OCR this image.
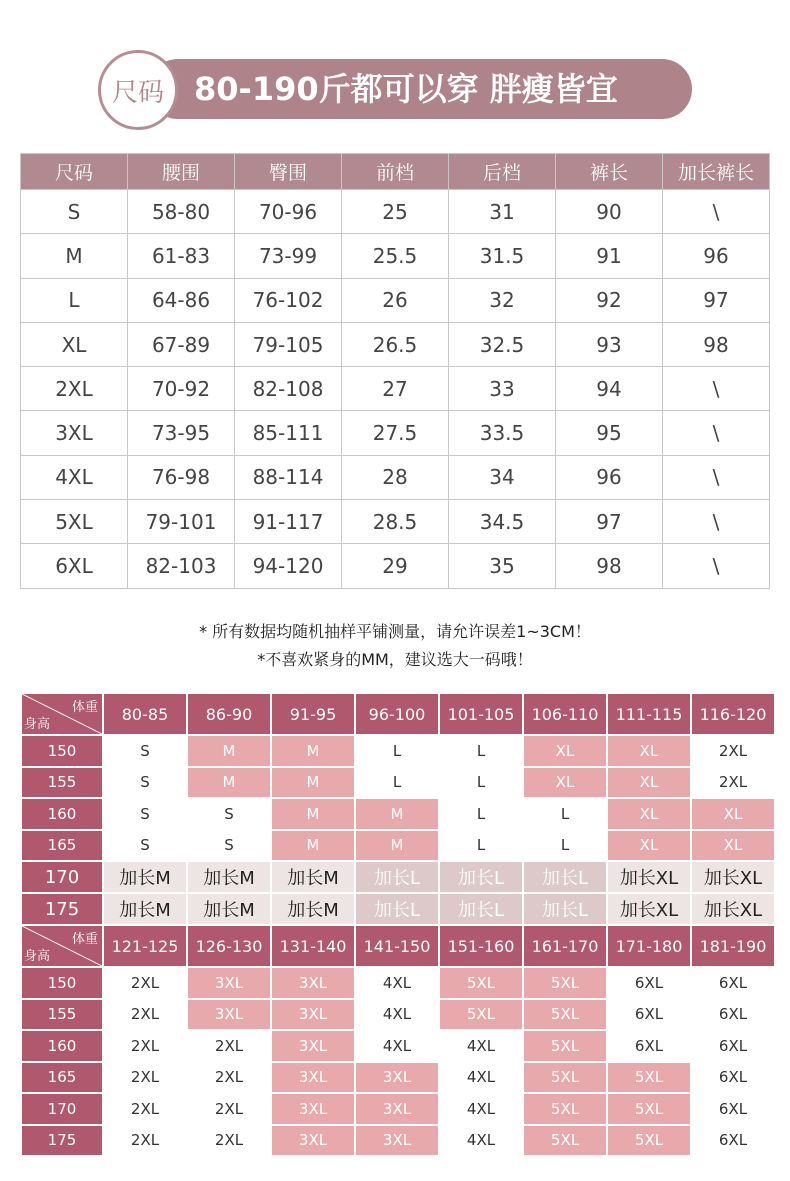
尺码 80-190斤都可以穿 胖瘦皆宜
尺码	腰围	臀围	前档	后档	裤长	加长裤长
S	58-80	70-96	25	31	90	\
M	61-83	73-99	25.5	31.5	91	96
L	64-86	76-102	26	32	92	97
XL	67-89	79-105	26.5	32.5	93	98
2XL	70-92	82-108	27	33	94	\
3XL	73-95	85-111	27.5	33.5	95	\
4XL	76-98	88-114	28	34	96	\
5XL	79-101	91-117	28.5	34.5	97	\
6XL	82-103	94-120	29	35	98	\
* 所有数据均随机抽样平铺测量，请允许误差1~3CM！
*不喜欢紧身的MM，建议选大一码哦！
体重
身高	80-85	86-90	91-95	96-100	101-105	106-110	111-115	116-120
150	S	M	M	L	L	XL	XL	2XL
155	S	M	M	L	L	XL	XL	2XL
160	S	S	M	M	L	L	XL	XL
165	S	S	M	M	L	L	XL	XL
170	加长M	加长M	加长M	加长L	加长L	加长L	加长XL	加长XL
175	加长M	加长M	加长M	加长L	加长L	加长L	加长XL	加长XL

体重
身高	121-125	126-130	131-140	141-150	151-160	161-170	171-180	181-190
150	2XL	3XL	3XL	4XL	5XL	5XL	6XL	6XL
155	2XL	3XL	3XL	4XL	5XL	5XL	6XL	6XL
160	2XL	2XL	3XL	4XL	4XL	5XL	6XL	6XL
165	2XL	2XL	3XL	3XL	4XL	5XL	5XL	6XL
170	2XL	2XL	3XL	3XL	4XL	5XL	5XL	6XL
175	2XL	2XL	3XL	3XL	4XL	5XL	5XL	6XL
